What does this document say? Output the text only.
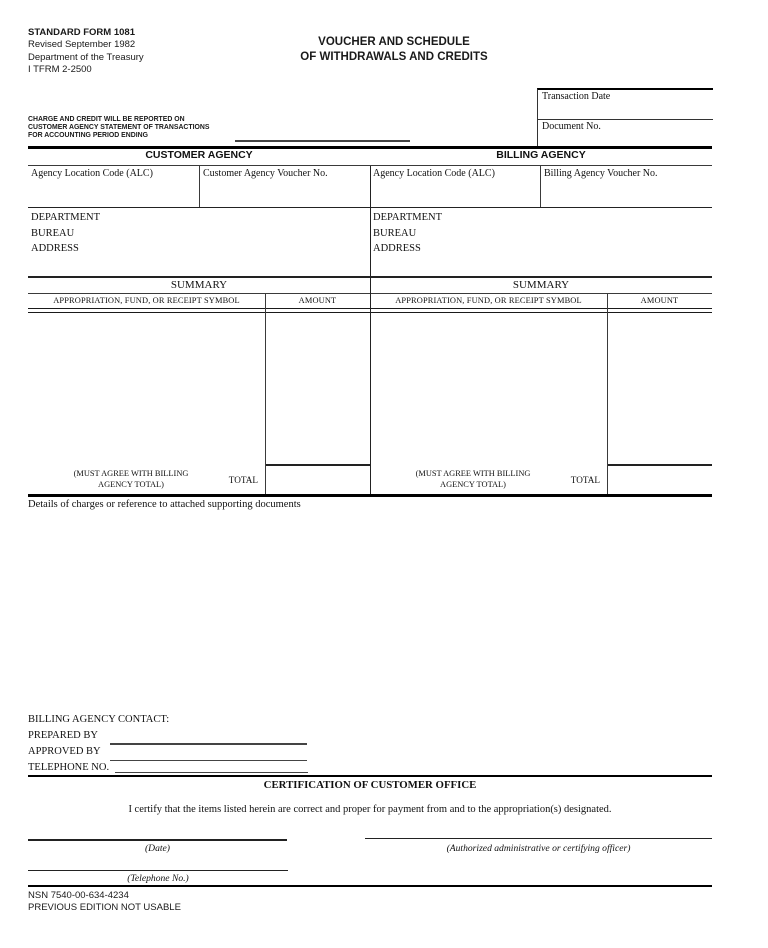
STANDARD FORM 1081
Revised September 1982
Department of the Treasury
I TFRM 2-2500
VOUCHER AND SCHEDULE
OF WITHDRAWALS AND CREDITS
CHARGE AND CREDIT WILL BE REPORTED ON
CUSTOMER AGENCY STATEMENT OF TRANSACTIONS
FOR ACCOUNTING PERIOD ENDING
Transaction Date
Document No.
CUSTOMER AGENCY	BILLING AGENCY
Agency Location Code (ALC)	Customer Agency Voucher No.	Agency Location Code (ALC)	Billing Agency Voucher No.
DEPARTMENT
BUREAU
ADDRESS
DEPARTMENT
BUREAU
ADDRESS
SUMMARY	SUMMARY
APPROPRIATION, FUND, OR RECEIPT SYMBOL	AMOUNT	APPROPRIATION, FUND, OR RECEIPT SYMBOL	AMOUNT
(MUST AGREE WITH BILLING
AGENCY TOTAL)	TOTAL
(MUST AGREE WITH BILLING
AGENCY TOTAL)	TOTAL
Details of charges or reference to attached supporting documents
BILLING AGENCY CONTACT:
PREPARED BY
APPROVED BY
TELEPHONE NO.
CERTIFICATION OF CUSTOMER OFFICE
I certify that the items listed herein are correct and proper for payment from and to the appropriation(s) designated.
(Date)	(Authorized administrative or certifying officer)
(Telephone No.)
NSN 7540-00-634-4234
PREVIOUS EDITION NOT USABLE
